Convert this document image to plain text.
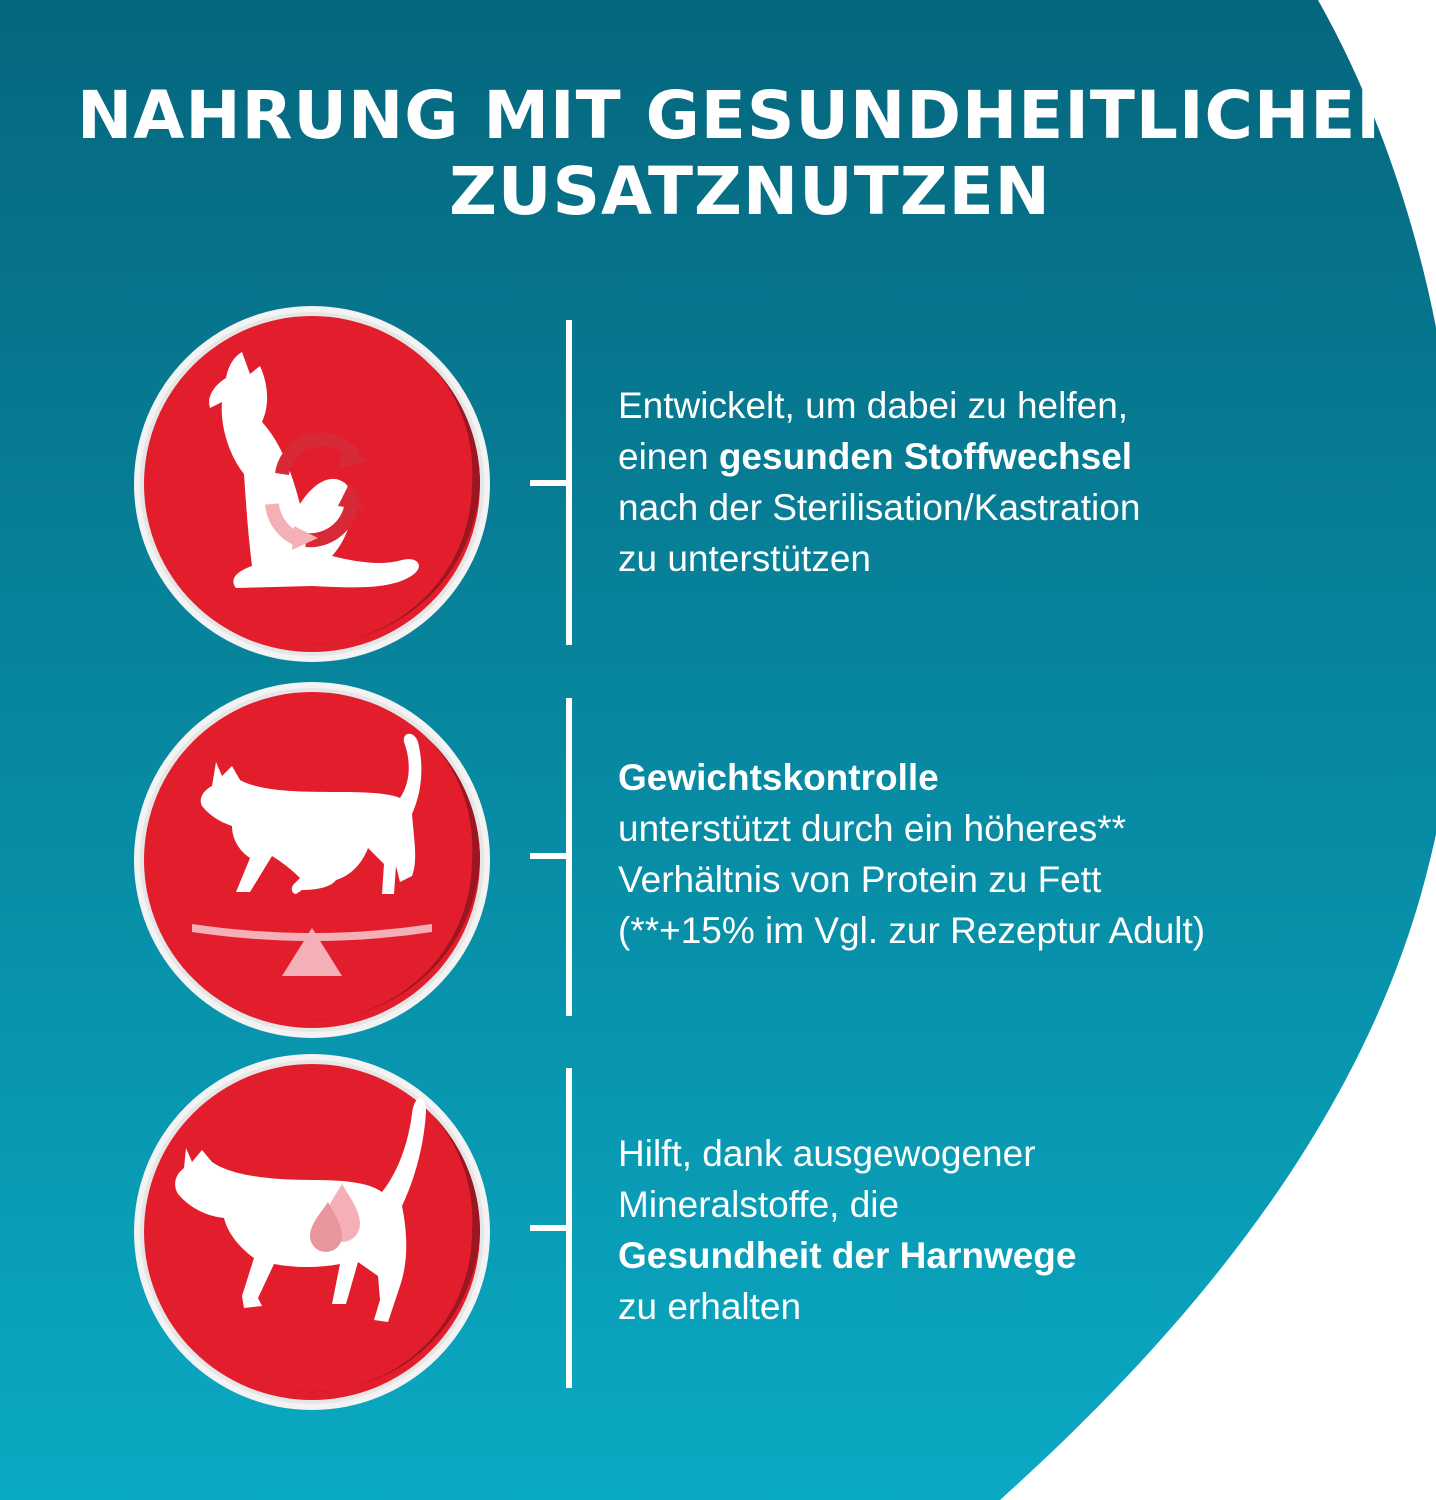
NAHRUNG MIT GESUNDHEITLICHEM
ZUSATZNUTZEN
Entwickelt, um dabei zu helfen,
einen gesunden Stoffwechsel
nach der Sterilisation/Kastration
zu unterstützen
Gewichtskontrolle
unterstützt durch ein höheres**
Verhältnis von Protein zu Fett
(**+15% im Vgl. zur Rezeptur Adult)
Hilft, dank ausgewogener
Mineralstoffe, die
Gesundheit der Harnwege
zu erhalten
